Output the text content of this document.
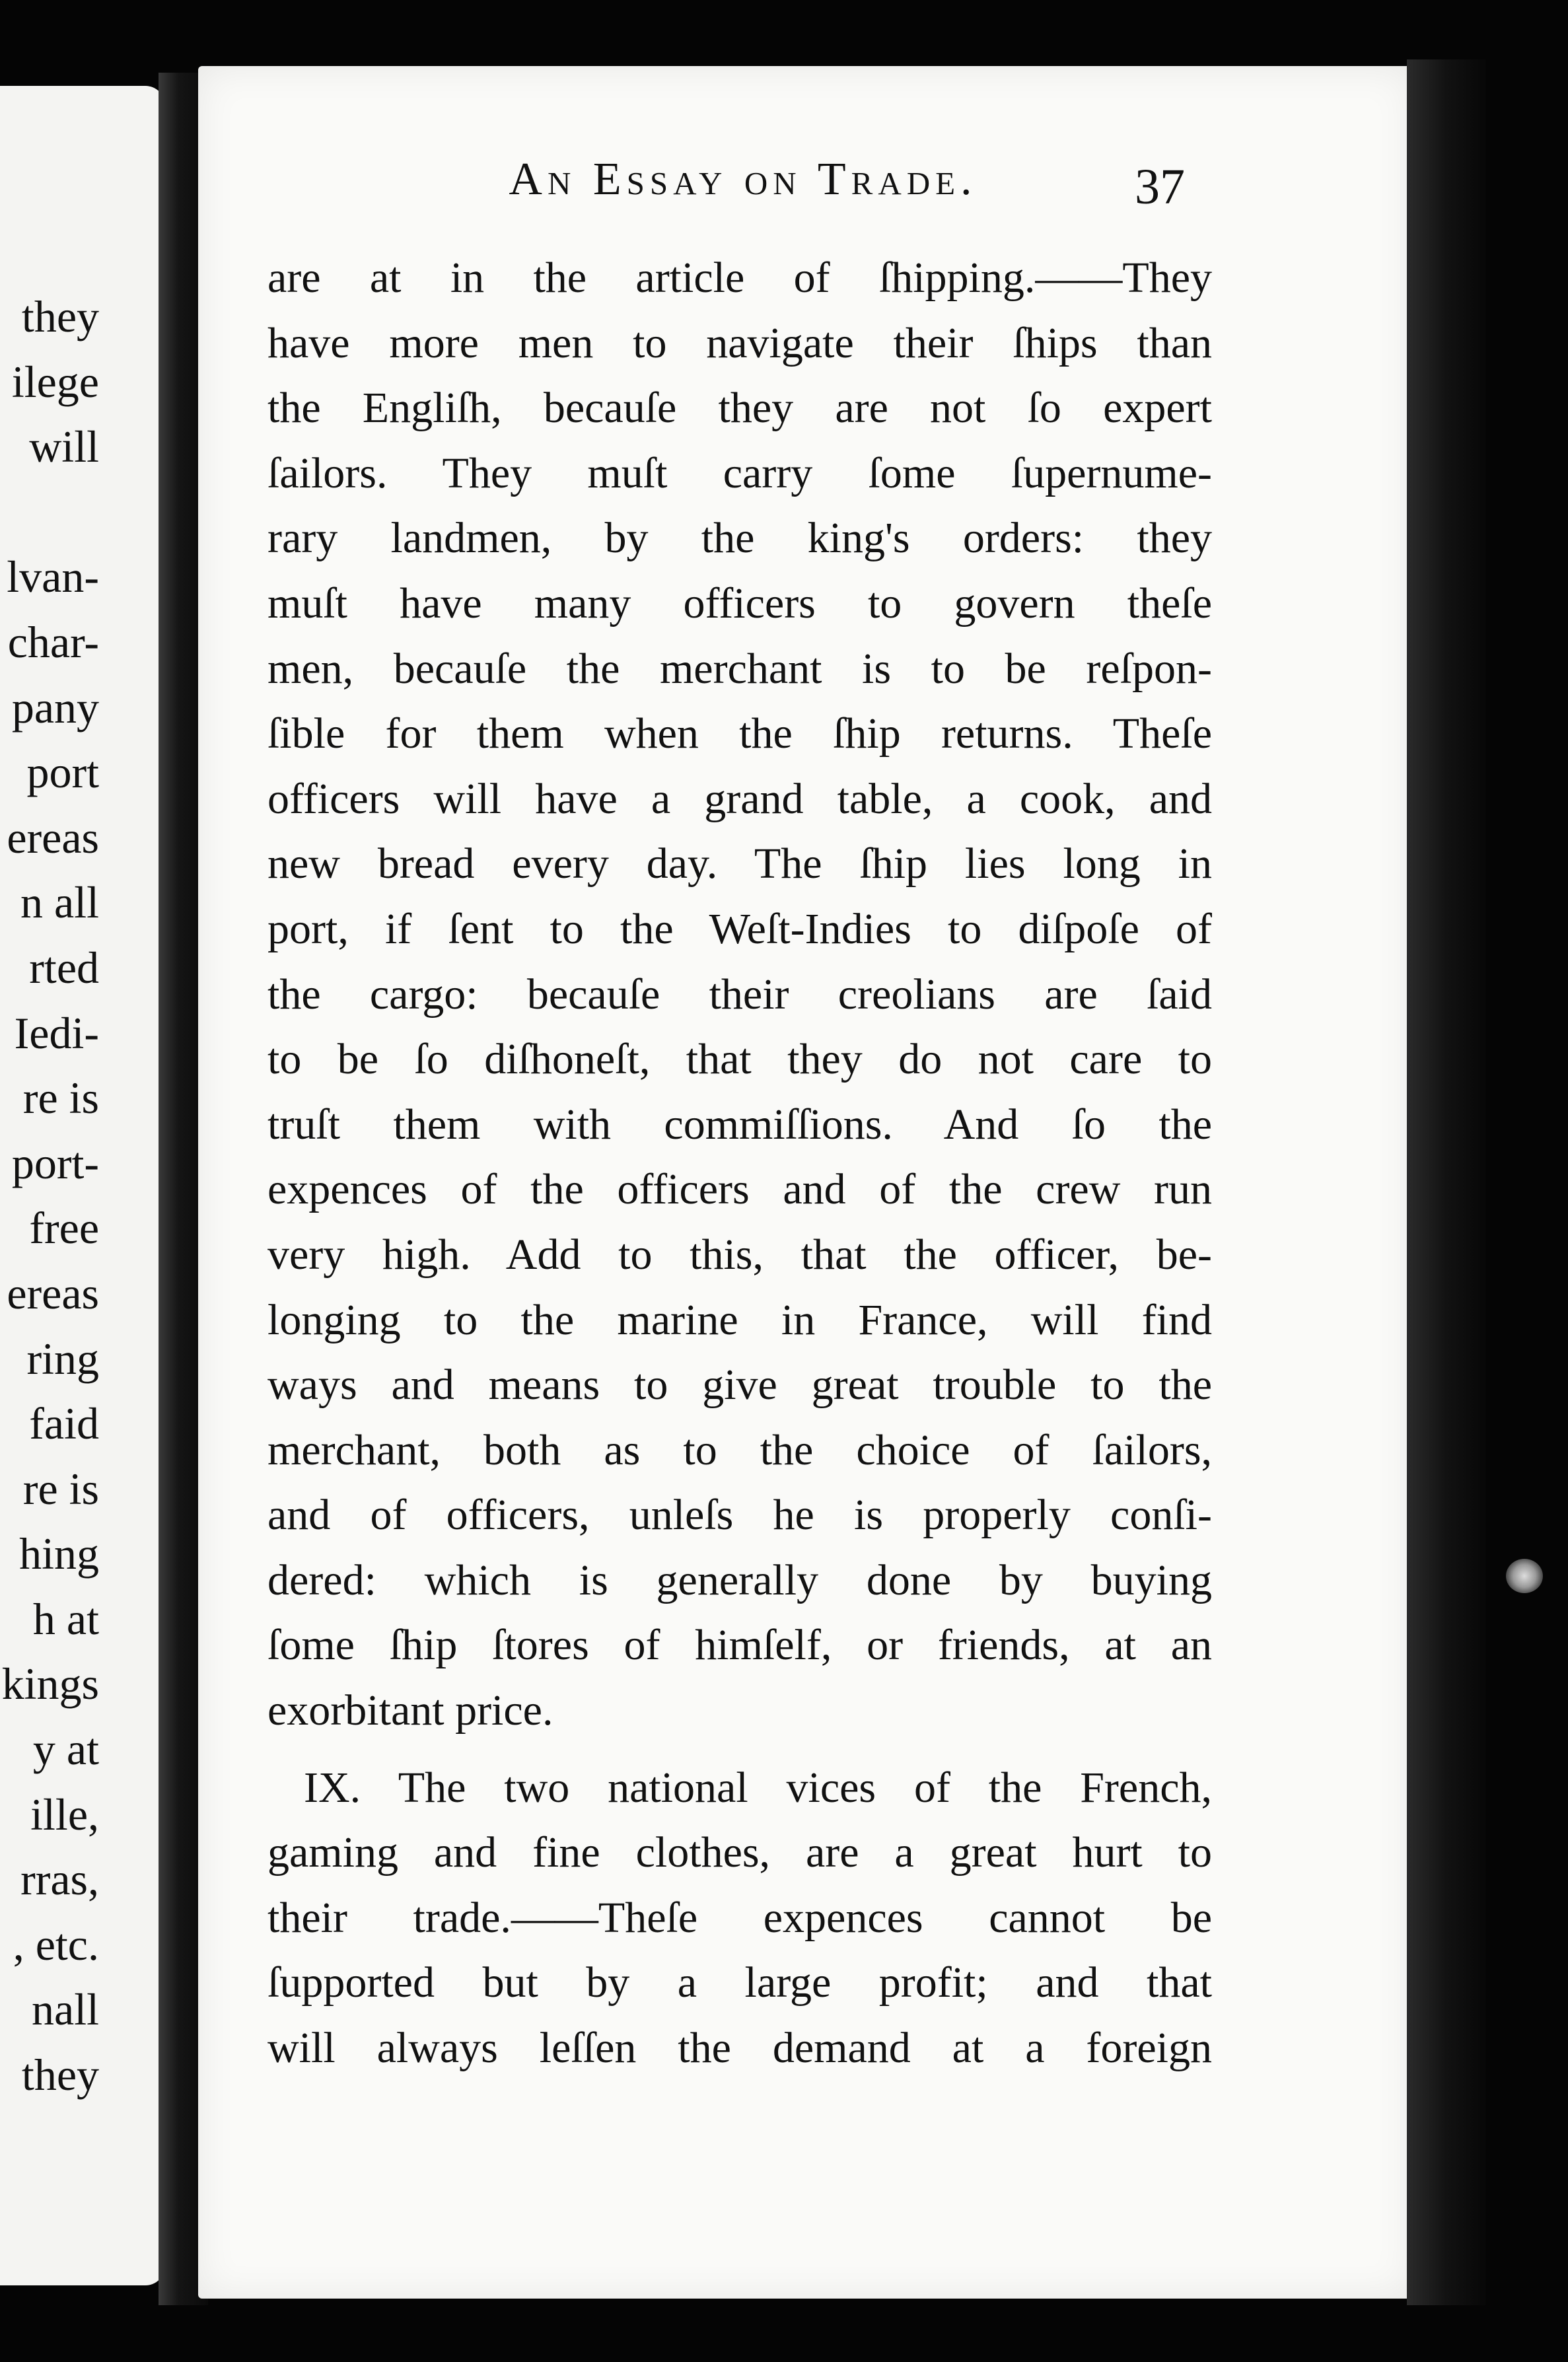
they
ilege
will

lvan-
char-
pany
port
ereas
n all
rted
Iedi-
re is
port-
free
ereas
ring
faid
re is
hing
h at
kings
y at
ille,
rras,
, etc.
nall
they
An Essay on Trade.	37
are at in the article of ſhipping.——They
have more men to navigate their ſhips than
the Engliſh, becauſe they are not ſo expert
ſailors. They muſt carry ſome ſupernume-
rary landmen, by the king's orders: they
muſt have many officers to govern theſe
men, becauſe the merchant is to be reſpon-
ſible for them when the ſhip returns. Theſe
officers will have a grand table, a cook, and
new bread every day. The ſhip lies long in
port, if ſent to the Weſt-Indies to diſpoſe of
the cargo: becauſe their creolians are ſaid
to be ſo diſhoneſt, that they do not care to
truſt them with commiſſions. And ſo the
expences of the officers and of the crew run
very high. Add to this, that the officer, be-
longing to the marine in France, will find
ways and means to give great trouble to the
merchant, both as to the choice of ſailors,
and of officers, unleſs he is properly conſi-
dered: which is generally done by buying
ſome ſhip ſtores of himſelf, or friends, at an
exorbitant price.
IX. The two national vices of the French,
gaming and fine clothes, are a great hurt to
their trade.——Theſe expences cannot be
ſupported but by a large profit; and that
will always leſſen the demand at a foreign
